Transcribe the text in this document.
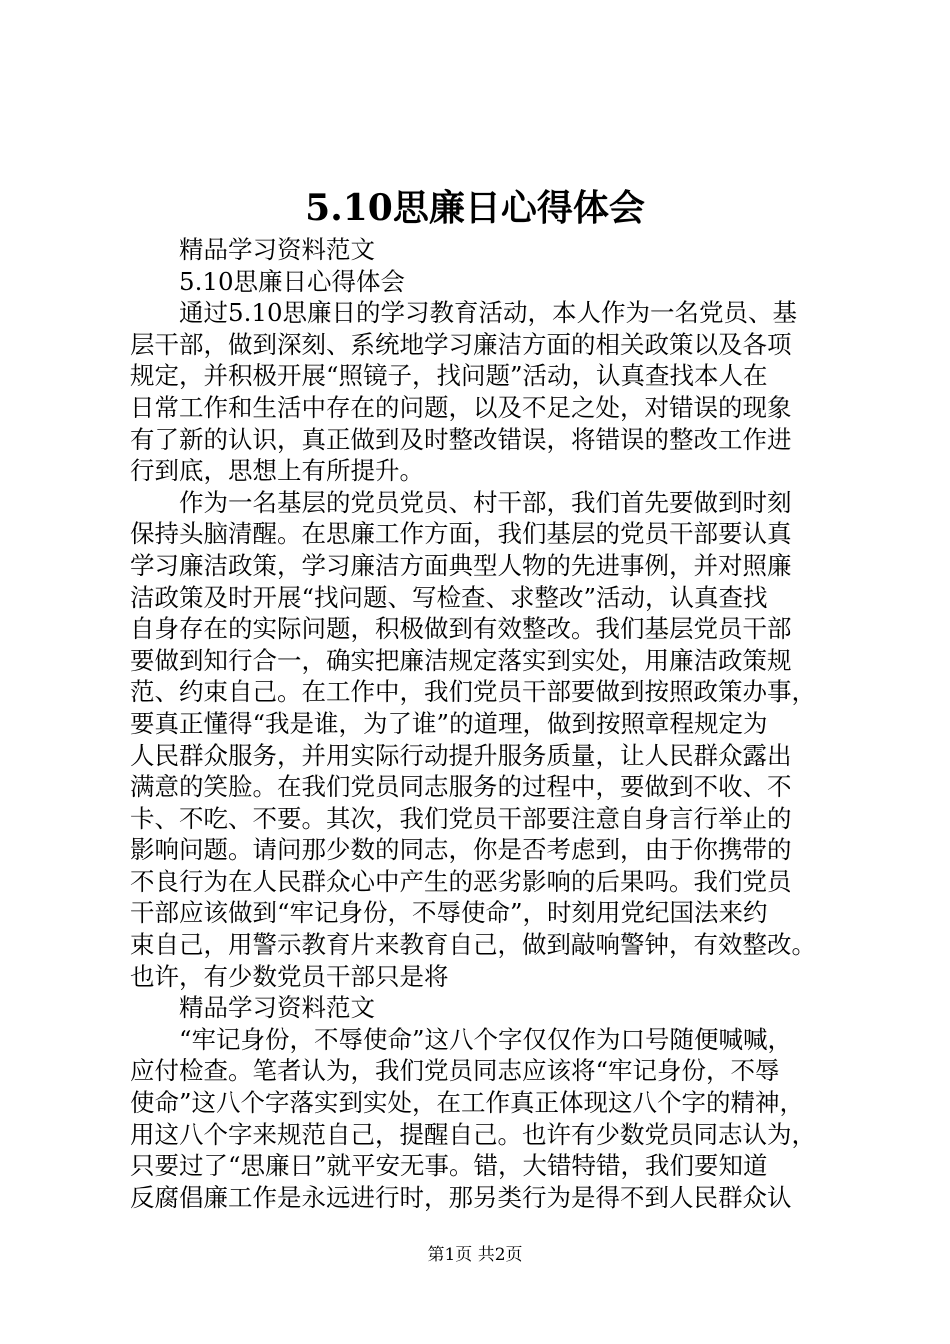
5.10思廉日心得体会
精品学习资料范文
5.10思廉日心得体会
通过5.10思廉日的学习教育活动，本人作为一名党员、基
层干部，做到深刻、系统地学习廉洁方面的相关政策以及各项
规定，并积极开展“照镜子，找问题”活动，认真查找本人在
日常工作和生活中存在的问题，以及不足之处，对错误的现象
有了新的认识，真正做到及时整改错误，将错误的整改工作进
行到底，思想上有所提升。
作为一名基层的党员党员、村干部，我们首先要做到时刻
保持头脑清醒。在思廉工作方面，我们基层的党员干部要认真
学习廉洁政策，学习廉洁方面典型人物的先进事例，并对照廉
洁政策及时开展“找问题、写检查、求整改”活动，认真查找
自身存在的实际问题，积极做到有效整改。我们基层党员干部
要做到知行合一，确实把廉洁规定落实到实处，用廉洁政策规
范、约束自己。在工作中，我们党员干部要做到按照政策办事，
要真正懂得“我是谁，为了谁”的道理，做到按照章程规定为
人民群众服务，并用实际行动提升服务质量，让人民群众露出
满意的笑脸。在我们党员同志服务的过程中，要做到不收、不
卡、不吃、不要。其次，我们党员干部要注意自身言行举止的
影响问题。请问那少数的同志，你是否考虑到，由于你携带的
不良行为在人民群众心中产生的恶劣影响的后果吗。我们党员
干部应该做到“牢记身份，不辱使命”，时刻用党纪国法来约
束自己，用警示教育片来教育自己，做到敲响警钟，有效整改。
也许，有少数党员干部只是将
精品学习资料范文
“牢记身份，不辱使命”这八个字仅仅作为口号随便喊喊，
应付检查。笔者认为，我们党员同志应该将“牢记身份，不辱
使命”这八个字落实到实处，在工作真正体现这八个字的精神，
用这八个字来规范自己，提醒自己。也许有少数党员同志认为，
只要过了“思廉日”就平安无事。错，大错特错，我们要知道
反腐倡廉工作是永远进行时，那另类行为是得不到人民群众认
第1页 共2页
